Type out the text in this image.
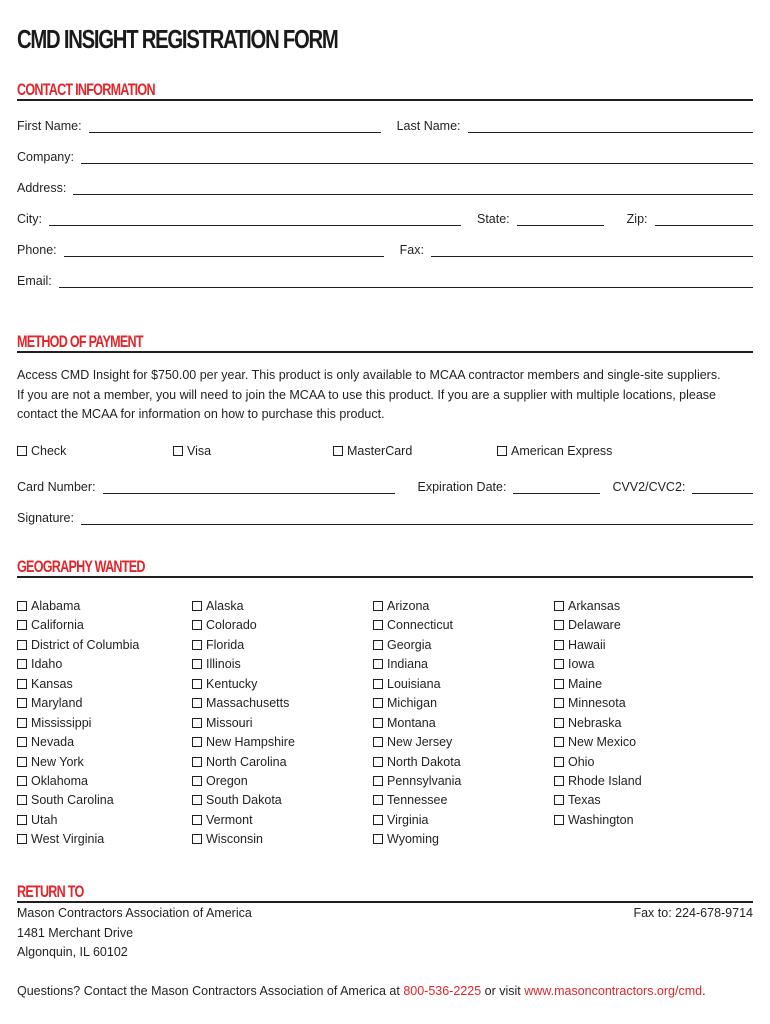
CMD INSIGHT REGISTRATION FORM
CONTACT INFORMATION
First Name:	Last Name:
Company:
Address:
City:	State:	Zip:
Phone:	Fax:
Email:
METHOD OF PAYMENT
Access CMD Insight for $750.00 per year. This product is only available to MCAA contractor members and single-site suppliers.
If you are not a member, you will need to join the MCAA to use this product. If you are a supplier with multiple locations, please
contact the MCAA for information on how to purchase this product.
Check	Visa	MasterCard	American Express
Card Number:	Expiration Date:	CVV2/CVC2:
Signature:
GEOGRAPHY WANTED
Alabama
California
District of Columbia
Idaho
Kansas
Maryland
Mississippi
Nevada
New York
Oklahoma
South Carolina
Utah
West Virginia
Alaska
Colorado
Florida
Illinois
Kentucky
Massachusetts
Missouri
New Hampshire
North Carolina
Oregon
South Dakota
Vermont
Wisconsin
Arizona
Connecticut
Georgia
Indiana
Louisiana
Michigan
Montana
New Jersey
North Dakota
Pennsylvania
Tennessee
Virginia
Wyoming
Arkansas
Delaware
Hawaii
Iowa
Maine
Minnesota
Nebraska
New Mexico
Ohio
Rhode Island
Texas
Washington
RETURN TO
Mason Contractors Association of America	Fax to: 224-678-9714
1481 Merchant Drive
Algonquin, IL 60102
Questions? Contact the Mason Contractors Association of America at 800-536-2225 or visit www.masoncontractors.org/cmd.
